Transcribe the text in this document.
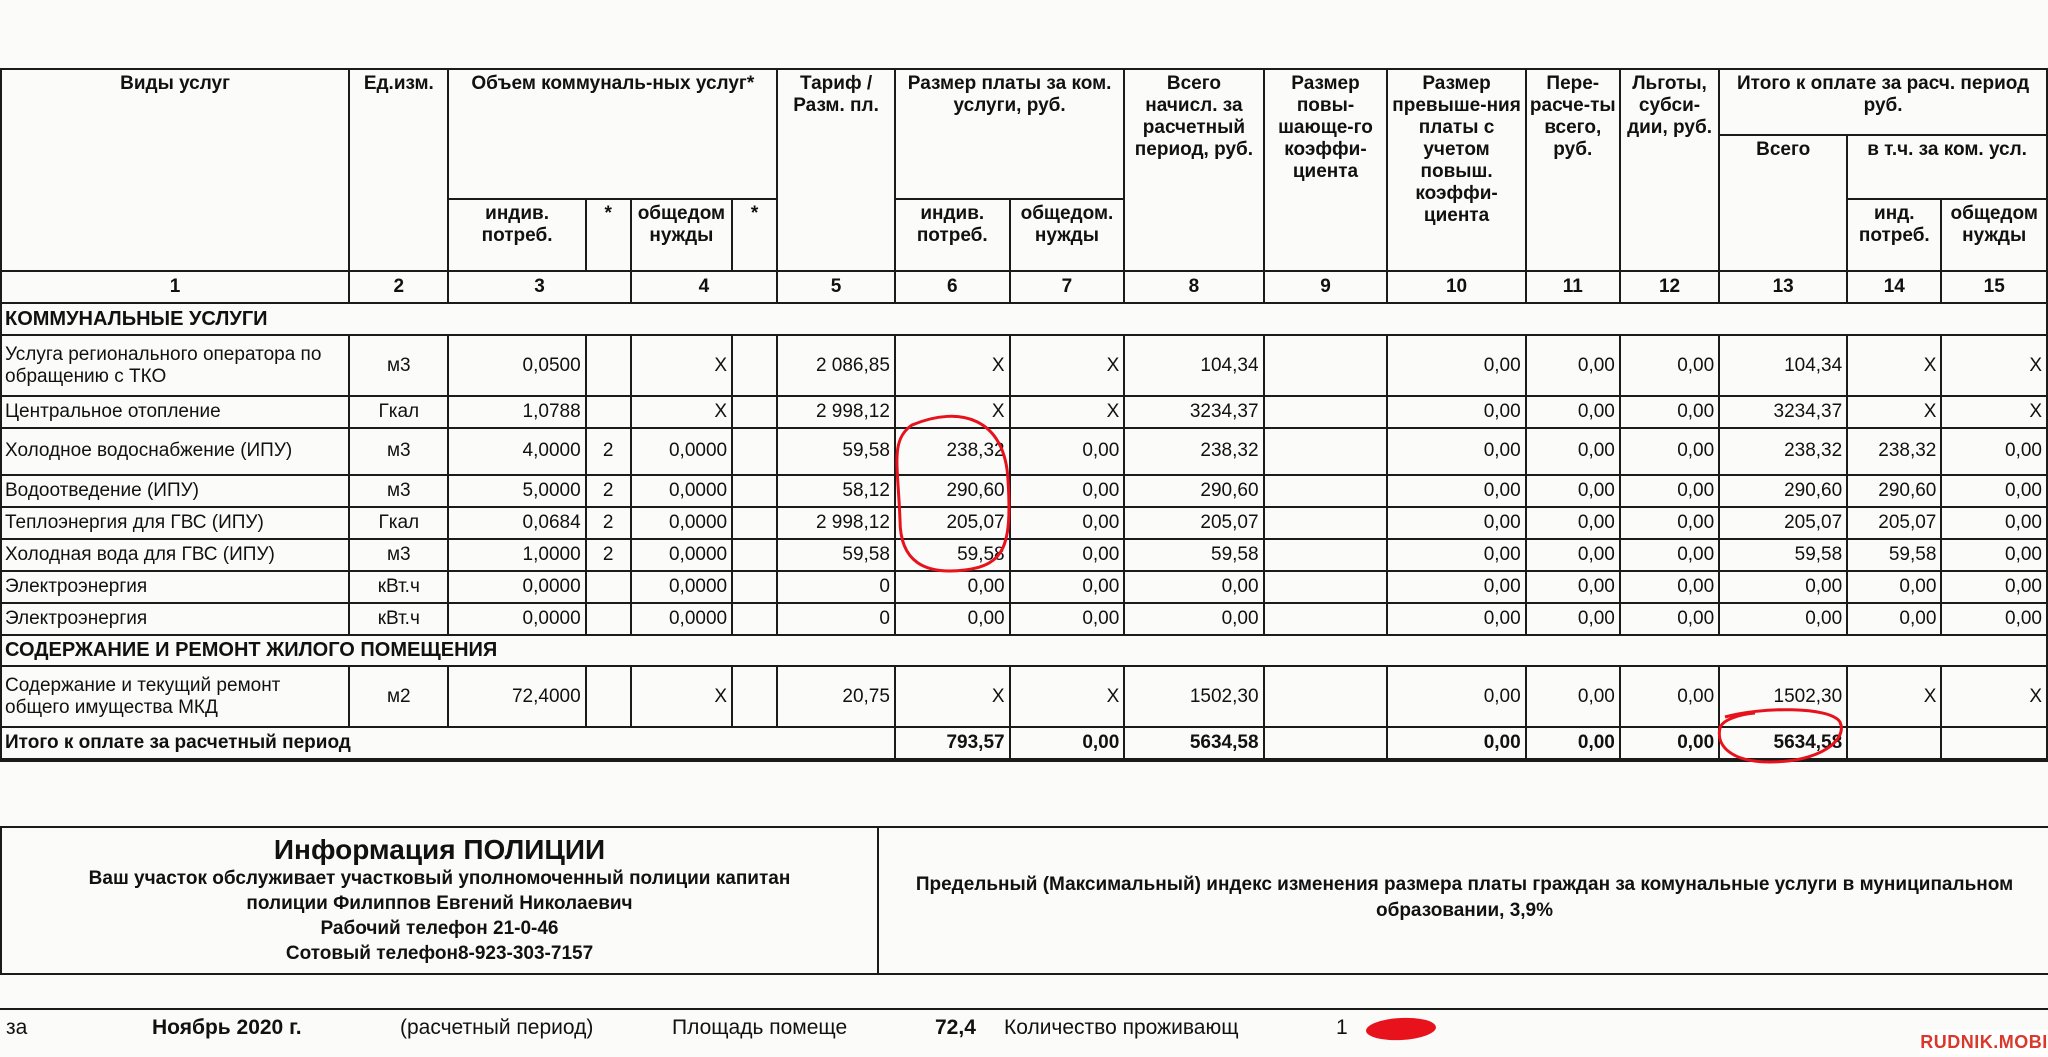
Виды услуг	Ед.изм.	Объем коммуналь-ных услуг*				Тариф / Разм. пл.	Размер платы за ком. услуги, руб.		Всего начисл. за расчетный период, руб.	Размер повы-шающе-го коэффи-циента	Размер превыше-ния платы с учетом повыш. коэффи-циента	Пере-расче-ты всего, руб.	Льготы, субси-дии, руб.	Итого к оплате за расч. период руб.		
														Всего	в т.ч. за ком. усл.	
		индив. потреб.	*	общедом нужды	*		индив. потреб.	общедом. нужды							инд. потреб.	общедом нужды
1	2	3		4		5	6	7	8	9	10	11	12	13	14	15
КОММУНАЛЬНЫЕ УСЛУГИ																
Услуга регионального оператора по обращению с ТКО	м3	0,0500		X		2 086,85	X	X	104,34		0,00	0,00	0,00	104,34	X	X
Центральное отопление	Гкал	1,0788		X		2 998,12	X	X	3234,37		0,00	0,00	0,00	3234,37	X	X
Холодное водоснабжение (ИПУ)	м3	4,0000	2	0,0000		59,58	238,32	0,00	238,32		0,00	0,00	0,00	238,32	238,32	0,00
Водоотведение (ИПУ)	м3	5,0000	2	0,0000		58,12	290,60	0,00	290,60		0,00	0,00	0,00	290,60	290,60	0,00
Теплоэнергия для ГВС (ИПУ)	Гкал	0,0684	2	0,0000		2 998,12	205,07	0,00	205,07		0,00	0,00	0,00	205,07	205,07	0,00
Холодная вода для ГВС (ИПУ)	м3	1,0000	2	0,0000		59,58	59,58	0,00	59,58		0,00	0,00	0,00	59,58	59,58	0,00
Электроэнергия	кВт.ч	0,0000		0,0000		0	0,00	0,00	0,00		0,00	0,00	0,00	0,00	0,00	0,00
Электроэнергия	кВт.ч	0,0000		0,0000		0	0,00	0,00	0,00		0,00	0,00	0,00	0,00	0,00	0,00
СОДЕРЖАНИЕ И РЕМОНТ ЖИЛОГО ПОМЕЩЕНИЯ																
Содержание и текущий ремонт общего имущества МКД	м2	72,4000		X		20,75	X	X	1502,30		0,00	0,00	0,00	1502,30	X	X
Итого к оплате за расчетный период							793,57	0,00	5634,58		0,00	0,00	0,00	5634,58		
Информация ПОЛИЦИИ
Ваш участок обслуживает участковый уполномоченный полиции капитан
полиции Филиппов Евгений Николаевич
Рабочий телефон 21-0-46
Сотовый телефон8-923-303-7157
Предельный (Максимальный) индекс изменения размера платы граждан за комунальные услуги в муниципальном образовании, 3,9%
за	Ноябрь 2020 г.	(расчетный период)	Площадь помеще	72,4 Количество проживающ	1
RUDNIK.MOBI
